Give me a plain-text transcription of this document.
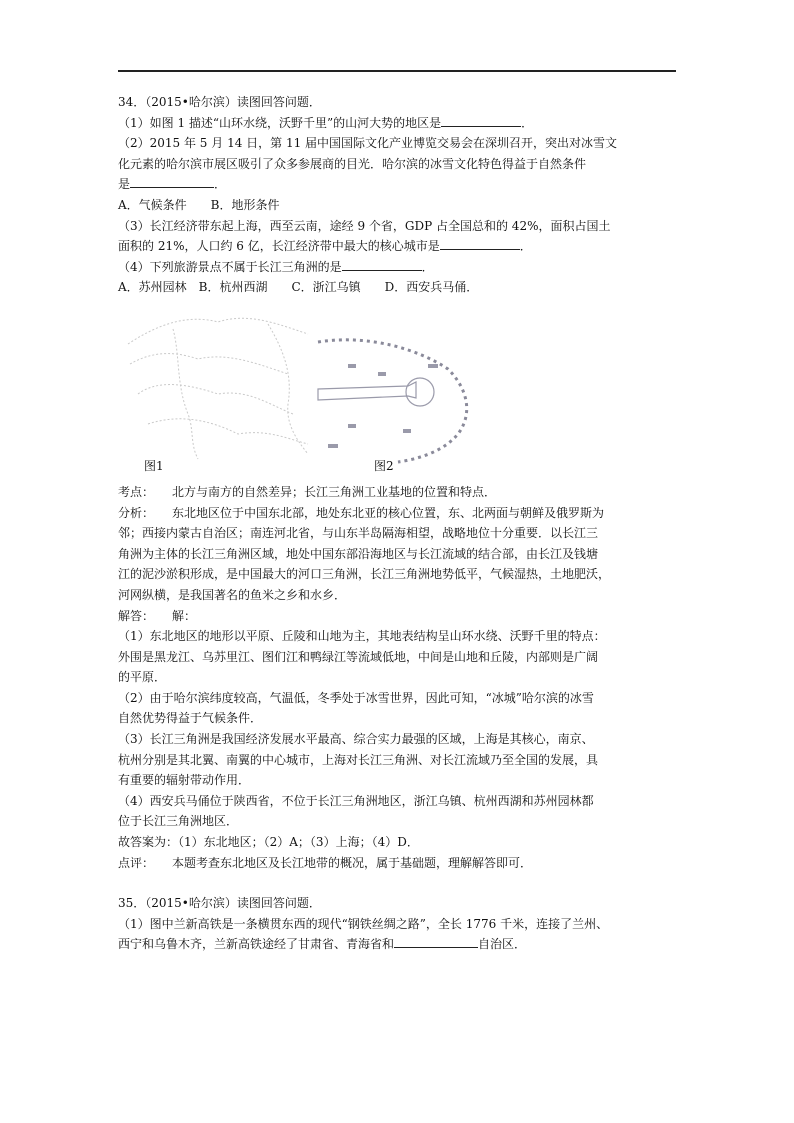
34．（2015•哈尔滨）读图回答问题．

（1）如图 1 描述“山环水绕，沃野千里”的山河大势的地区是	．

（2）2015 年 5 月 14 日，第 11 届中国国际文化产业博览交易会在深圳召开，突出对冰雪文

化元素的哈尔滨市展区吸引了众多参展商的目光．哈尔滨的冰雪文化特色得益于自然条件

是	．

A．气候条件　　B．地形条件

（3）长江经济带东起上海，西至云南，途经 9 个省，GDP 占全国总和的 42%，面积占国土

面积的 21%，人口约 6 亿，长江经济带中最大的核心城市是	．

（4）下列旅游景点不属于长江三角洲的是	．

A．苏州园林　B．杭州西湖　　C．浙江乌镇　　D．西安兵马俑．

图1	图2

考点：   北方与南方的自然差异；长江三角洲工业基地的位置和特点．

分析：   东北地区位于中国东北部，地处东北亚的核心位置，东、北两面与朝鲜及俄罗斯为

邻；西接内蒙古自治区；南连河北省，与山东半岛隔海相望，战略地位十分重要．以长江三

角洲为主体的长江三角洲区域，地处中国东部沿海地区与长江流域的结合部，由长江及钱塘

江的泥沙淤积形成，是中国最大的河口三角洲，长江三角洲地势低平，气候湿热，土地肥沃，

河网纵横，是我国著名的鱼米之乡和水乡．

解答：   解：

（1）东北地区的地形以平原、丘陵和山地为主，其地表结构呈山环水绕、沃野千里的特点：

外围是黑龙江、乌苏里江、图们江和鸭绿江等流域低地，中间是山地和丘陵，内部则是广阔

的平原．

（2）由于哈尔滨纬度较高，气温低，冬季处于冰雪世界，因此可知，“冰城”哈尔滨的冰雪

自然优势得益于气候条件．

（3）长江三角洲是我国经济发展水平最高、综合实力最强的区域，上海是其核心，南京、

杭州分别是其北翼、南翼的中心城市，上海对长江三角洲、对长江流域乃至全国的发展，具

有重要的辐射带动作用．

（4）西安兵马俑位于陕西省，不位于长江三角洲地区，浙江乌镇、杭州西湖和苏州园林都

位于长江三角洲地区．

故答案为：（1）东北地区；（2）A；（3）上海；（4）D．

点评：   本题考查东北地区及长江地带的概况，属于基础题，理解解答即可．

35．（2015•哈尔滨）读图回答问题．

（1）图中兰新高铁是一条横贯东西的现代“钢铁丝绸之路”，全长 1776 千米，连接了兰州、

西宁和乌鲁木齐，兰新高铁途经了甘肃省、青海省和	自治区．
